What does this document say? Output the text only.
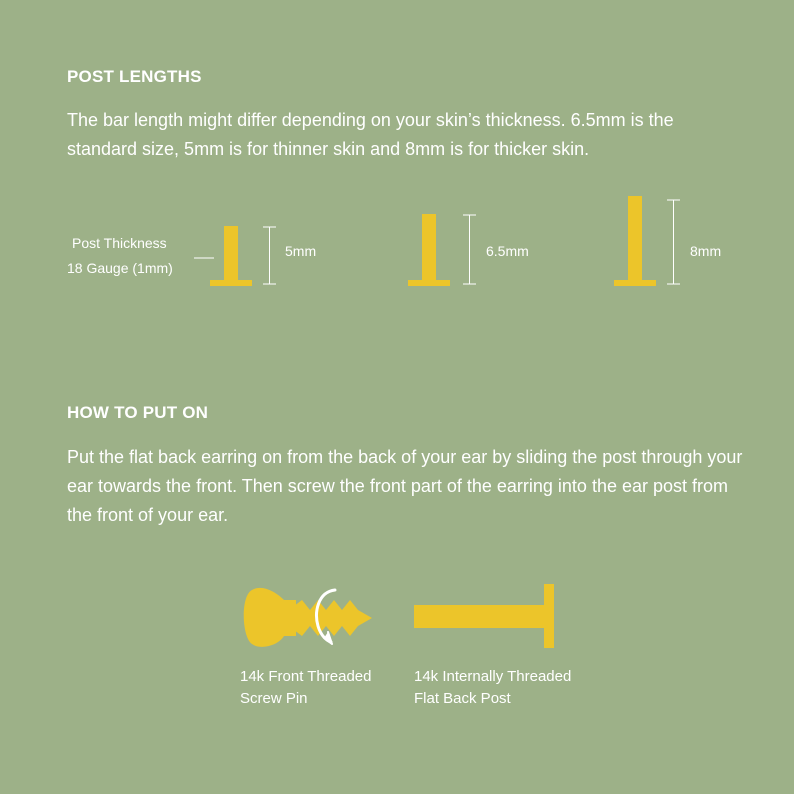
POST LENGTHS

The bar length might differ depending on your skin’s thickness. 6.5mm is the standard size, 5mm is for thinner skin and 8mm is for thicker skin.

Post Thickness
18 Gauge (1mm)
5mm	6.5mm	8mm
HOW TO PUT ON

Put the flat back earring on from the back of your ear by sliding the post through your ear towards the front. Then screw the front part of the earring into the ear post from the front of your ear.

14k Front Threaded
Screw Pin
14k Internally Threaded
Flat Back Post
